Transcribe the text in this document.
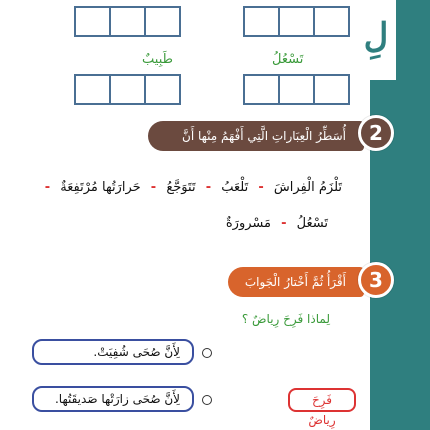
لِ
طَبِيبٌ	تَسْعُلُ
أُسَطِّرُ الْعِبَاراتِ الَّتِي أَفْهَمُ مِنْها أَنَّ صُحَى مَرِيضَةٌ
2
تَلْزَمُ الْفِراشَ - تَلْعَبُ - تَتَوَجَّعُ - حَرارَتُها مُرْتَفِعَةٌ -
تَسْعُلُ - مَسْرورَةٌ
أَقْرَأُ ثُمَّ أَخْتارُ الْجَوابَ الصَّحيحَ
3
لِماذا فَرِحَ رِياضٌ ؟
لِأَنَّ صُحَى شُفِيَتْ.
لِأَنَّ صُحَى زارَتْها صَديقَتُها.	فَرِحَ رِياضٌ
